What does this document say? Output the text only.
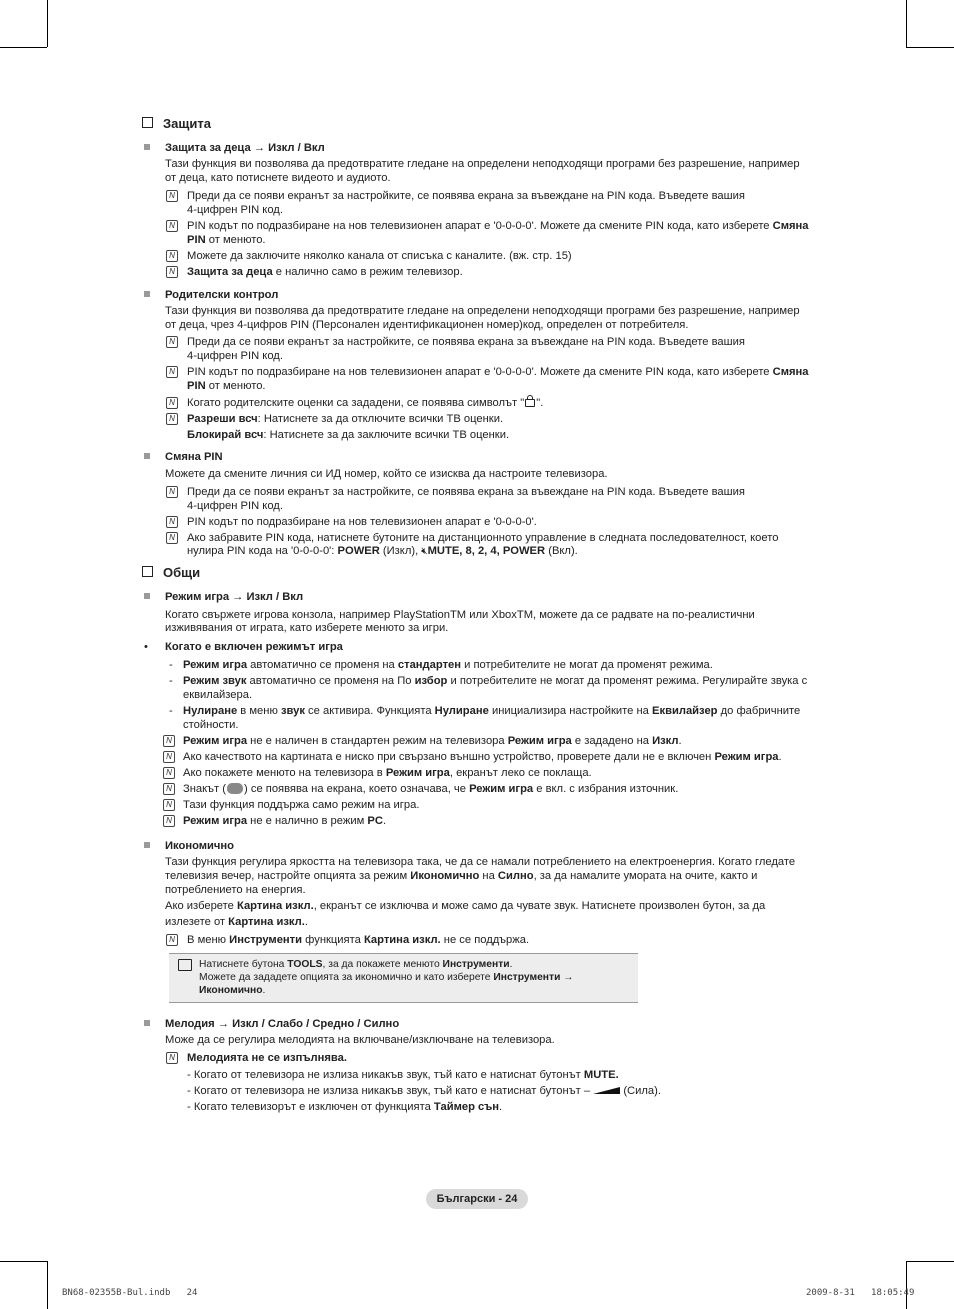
Защита
Защита за деца → Изкл / Вкл
Тази функция ви позволява да предотвратите гледане на определени неподходящи програми без разрешение, например
от деца, като потиснете видеото и аудиото.
N
Преди да се появи екранът за настройките, се появява екрана за въвеждане на PIN кода. Въведете вашия
4-цифрен PIN код.
N
PIN кодът по подразбиране на нов телевизионен апарат е '0-0-0-0'. Можете да смените PIN кода, като изберете Смяна
PIN от менюто.
N
Можете да заключите няколко канала от списъка с каналите. (вж. стр. 15)
N
Защита за деца е налично само в режим телевизор.
Родителски контрол
Тази функция ви позволява да предотвратите гледане на определени неподходящи програми без разрешение, например
от деца, чрез 4-цифров PIN (Персонален идентификационен номер)код, определен от потребителя.
N
Преди да се появи екранът за настройките, се появява екрана за въвеждане на PIN кода. Въведете вашия
4-цифрен PIN код.
N
PIN кодът по подразбиране на нов телевизионен апарат е '0-0-0-0'. Можете да смените PIN кода, като изберете Смяна
PIN от менюто.
N
Когато родителските оценки са зададени, се появява символът " ".
N
Разреши всч: Натиснете за да отключите всички ТВ оценки.
Блокирай всч: Натиснете за да заключите всички ТВ оценки.
Смяна PIN
Можете да смените личния си ИД номер, който се изисква да настроите телевизора.
N
Преди да се появи екранът за настройките, се появява екрана за въвеждане на PIN кода. Въведете вашия
4-цифрен PIN код.
N
PIN кодът по подразбиране на нов телевизионен апарат е '0-0-0-0'.
N
Ако забравите PIN кода, натиснете бутоните на дистанционното управление в следната последователност, което
нулира PIN кода на '0-0-0-0': POWER (Изкл), 🔇︎MUTE, 8, 2, 4, POWER (Вкл).
Общи
Режим игра → Изкл / Вкл
Когато свържете игрова конзола, например PlayStationTM или XboxTM, можете да се радвате на по-реалистични
изживявания от играта, като изберете менюто за игри.
• Когато е включен режимът игра
- Режим игра автоматично се променя на стандартен и потребителите не могат да променят режима.
- Режим звук автоматично се променя на По избор и потребителите не могат да променят режима. Регулирайте звука с
еквилайзера.
- Нулиране в меню звук се активира. Функцията Нулиране инициализира настройките на Еквилайзер до фабричните
стойности.
N
Режим игра не е наличен в стандартен режим на телевизора Режим игра е зададено на Изкл.
N
Ако качеството на картината е ниско при свързано външно устройство, проверете дали не е включен Режим игра.
N
Ако покажете менюто на телевизора в Режим игра, екранът леко се поклаща.
N
Знакът ( ) се появява на екрана, което означава, че Режим игра е вкл. с избрания източник.
N
Тази функция поддържа само режим на игра.
N
Режим игра не е налично в режим PC.
Икономично
Тази функция регулира яркостта на телевизора така, че да се намали потреблението на електроенергия. Когато гледате
телевизия вечер, настройте опцията за режим Икономично на Силно, за да намалите умората на очите, както и
потреблението на енергия.
Ако изберете Картина изкл., екранът се изключва и може само да чувате звук. Натиснете произволен бутон, за да
излезете от Картина изкл..
N
В меню Инструменти функцията Картина изкл. не се поддържа.
Натиснете бутона TOOLS, за да покажете менюто Инструменти.
Можете да зададете опцията за икономично и като изберете Инструменти →
Икономично.
Мелодия → Изкл / Слабо / Средно / Силно
Може да се регулира мелодията на включване/изключване на телевизора.
N
Мелодията не се изпълнява.
- Когато от телевизора не излиза никакъв звук, тъй като е натиснат бутонът MUTE.
- Когато от телевизора не излиза никакъв звук, тъй като е натиснат бутонът –  (Сила).
- Когато телевизорът е изключен от функцията Таймер сън.
Български - 24
BN68-02355B-Bul.indb   24	2009-8-31   18:05:49
